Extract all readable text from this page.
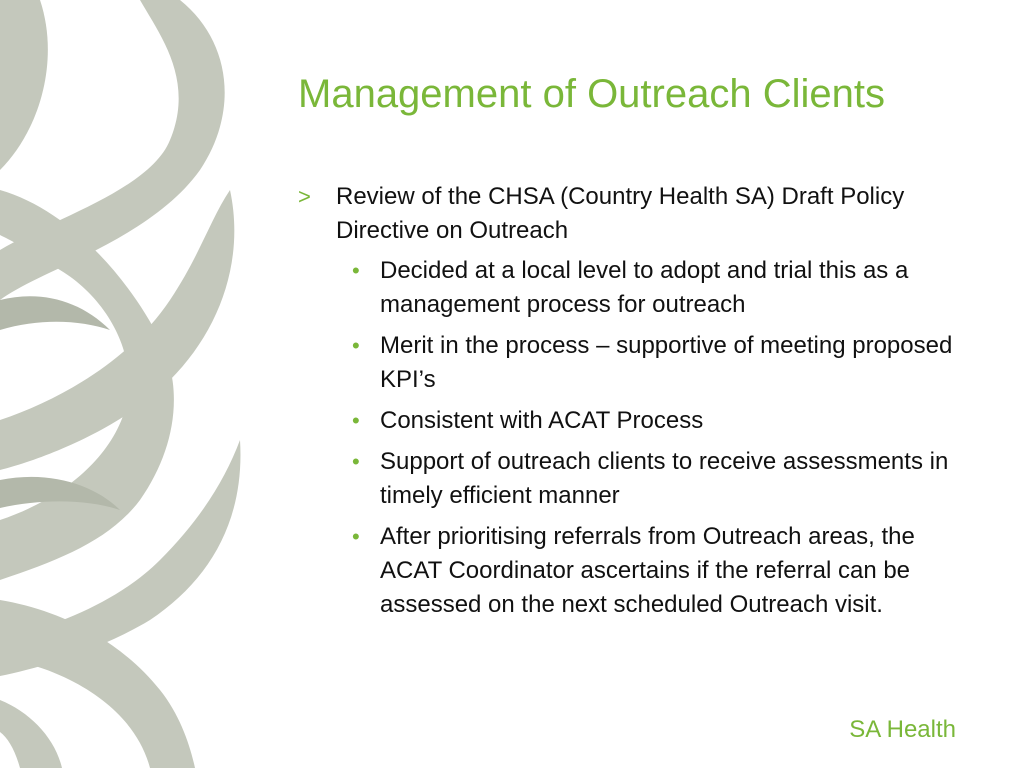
Management of Outreach Clients
> Review of the CHSA (Country Health SA) Draft Policy Directive on Outreach
• Decided at a local level to adopt and trial this as a management process for outreach
• Merit in the process – supportive of meeting proposed KPI’s
• Consistent with ACAT Process
• Support of outreach clients to receive assessments in timely efficient manner
• After prioritising referrals from Outreach areas, the ACAT Coordinator ascertains if the referral can be assessed on the next scheduled Outreach visit.
SA Health
